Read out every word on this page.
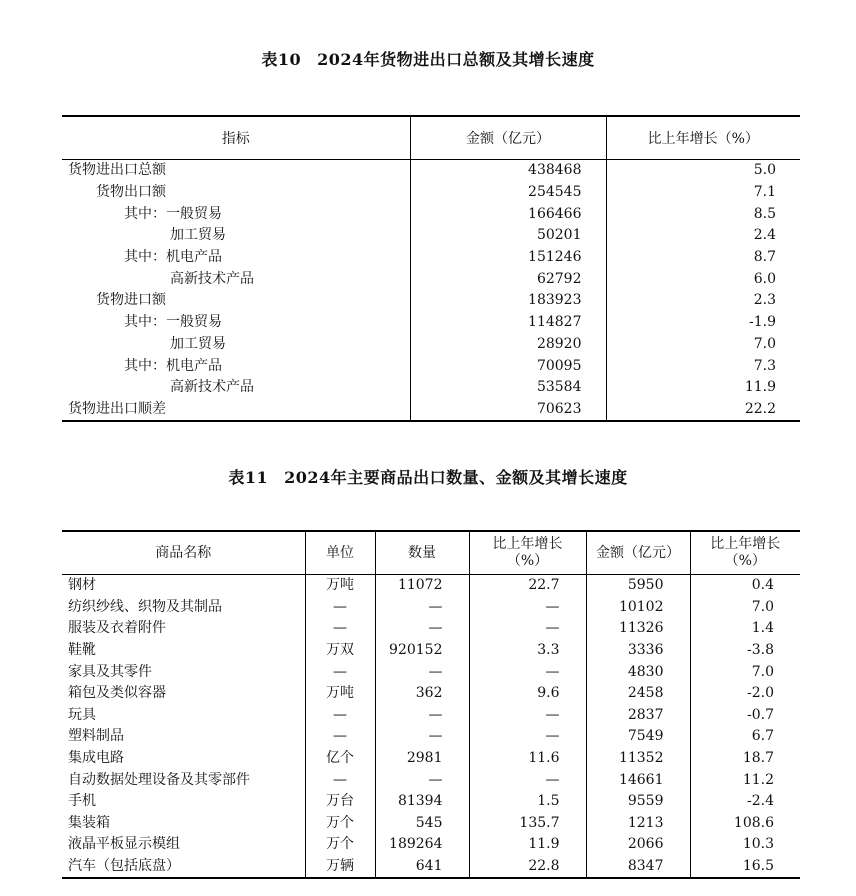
表10 2024年货物进出口总额及其增长速度
指标	金额（亿元）	比上年增长（%）
货物进出口总额	438468	5.0
货物出口额	254545	7.1
其中：一般贸易	166466	8.5
加工贸易	50201	2.4
其中：机电产品	151246	8.7
高新技术产品	62792	6.0
货物进口额	183923	2.3
其中：一般贸易	114827	-1.9
加工贸易	28920	7.0
其中：机电产品	70095	7.3
高新技术产品	53584	11.9
货物进出口顺差	70623	22.2
表11 2024年主要商品出口数量、金额及其增长速度
商品名称	单位	数量	比上年增长（%）	金额（亿元）	比上年增长（%）
钢材	万吨	11072	22.7	5950	0.4
纺织纱线、织物及其制品	—	—	—	10102	7.0
服装及衣着附件	—	—	—	11326	1.4
鞋靴	万双	920152	3.3	3336	-3.8
家具及其零件	—	—	—	4830	7.0
箱包及类似容器	万吨	362	9.6	2458	-2.0
玩具	—	—	—	2837	-0.7
塑料制品	—	—	—	7549	6.7
集成电路	亿个	2981	11.6	11352	18.7
自动数据处理设备及其零部件	—	—	—	14661	11.2
手机	万台	81394	1.5	9559	-2.4
集装箱	万个	545	135.7	1213	108.6
液晶平板显示模组	万个	189264	11.9	2066	10.3
汽车（包括底盘）	万辆	641	22.8	8347	16.5
